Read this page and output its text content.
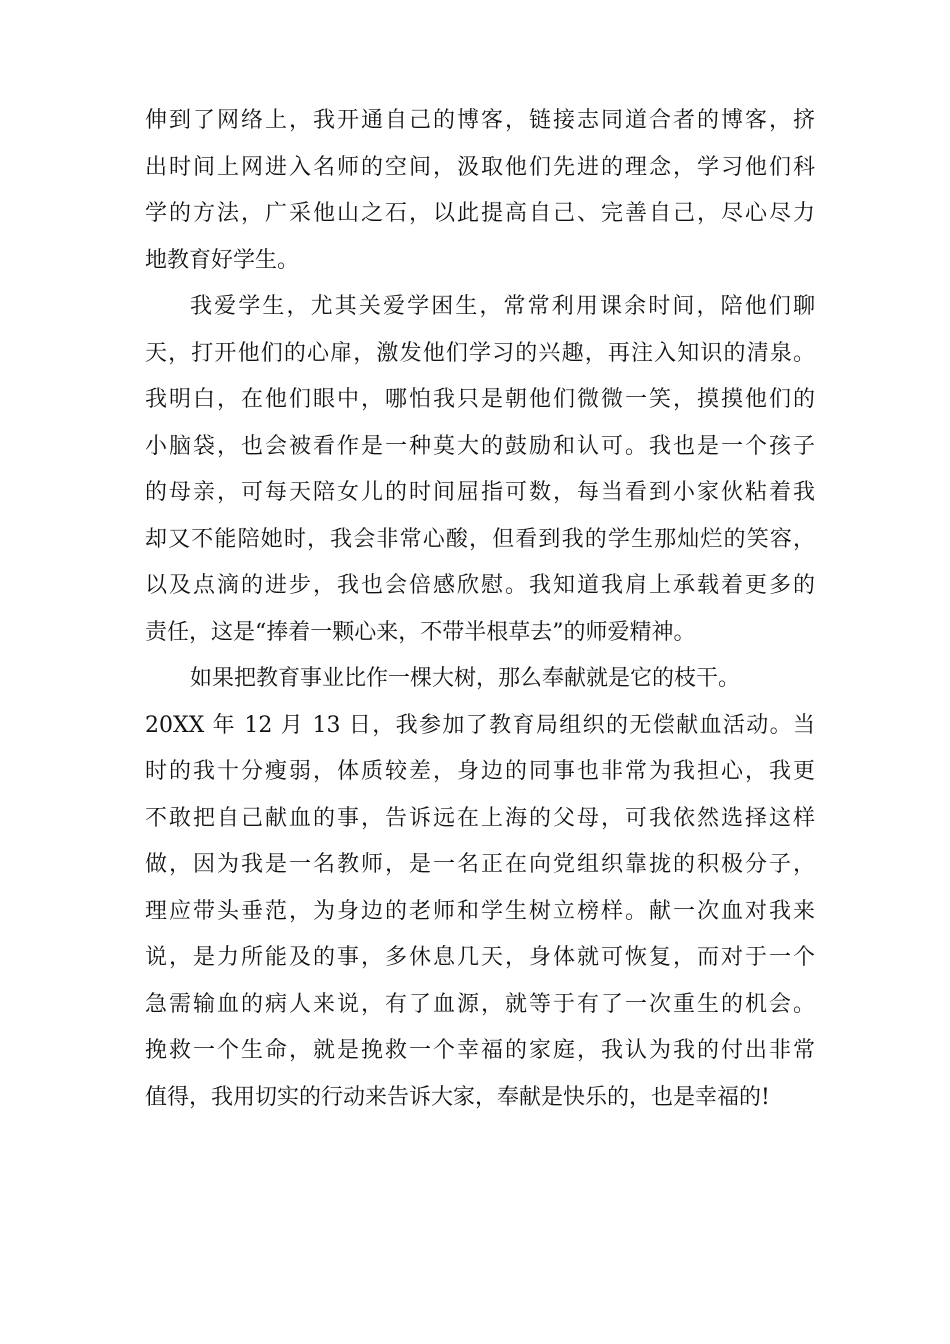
伸到了网络上，我开通自己的博客，链接志同道合者的博客，挤
出时间上网进入名师的空间，汲取他们先进的理念，学习他们科
学的方法，广采他山之石，以此提高自己、完善自己，尽心尽力
地教育好学生。
我爱学生，尤其关爱学困生，常常利用课余时间，陪他们聊
天，打开他们的心扉，激发他们学习的兴趣，再注入知识的清泉。
我明白，在他们眼中，哪怕我只是朝他们微微一笑，摸摸他们的
小脑袋，也会被看作是一种莫大的鼓励和认可。我也是一个孩子
的母亲，可每天陪女儿的时间屈指可数，每当看到小家伙粘着我
却又不能陪她时，我会非常心酸，但看到我的学生那灿烂的笑容，
以及点滴的进步，我也会倍感欣慰。我知道我肩上承载着更多的
责任，这是“捧着一颗心来，不带半根草去”的师爱精神。
如果把教育事业比作一棵大树，那么奉献就是它的枝干。
20XX 年 12 月 13 日，我参加了教育局组织的无偿献血活动。当
时的我十分瘦弱，体质较差，身边的同事也非常为我担心，我更
不敢把自己献血的事，告诉远在上海的父母，可我依然选择这样
做，因为我是一名教师，是一名正在向党组织靠拢的积极分子，
理应带头垂范，为身边的老师和学生树立榜样。献一次血对我来
说，是力所能及的事，多休息几天，身体就可恢复，而对于一个
急需输血的病人来说，有了血源，就等于有了一次重生的机会。
挽救一个生命，就是挽救一个幸福的家庭，我认为我的付出非常
值得，我用切实的行动来告诉大家，奉献是快乐的，也是幸福的!
